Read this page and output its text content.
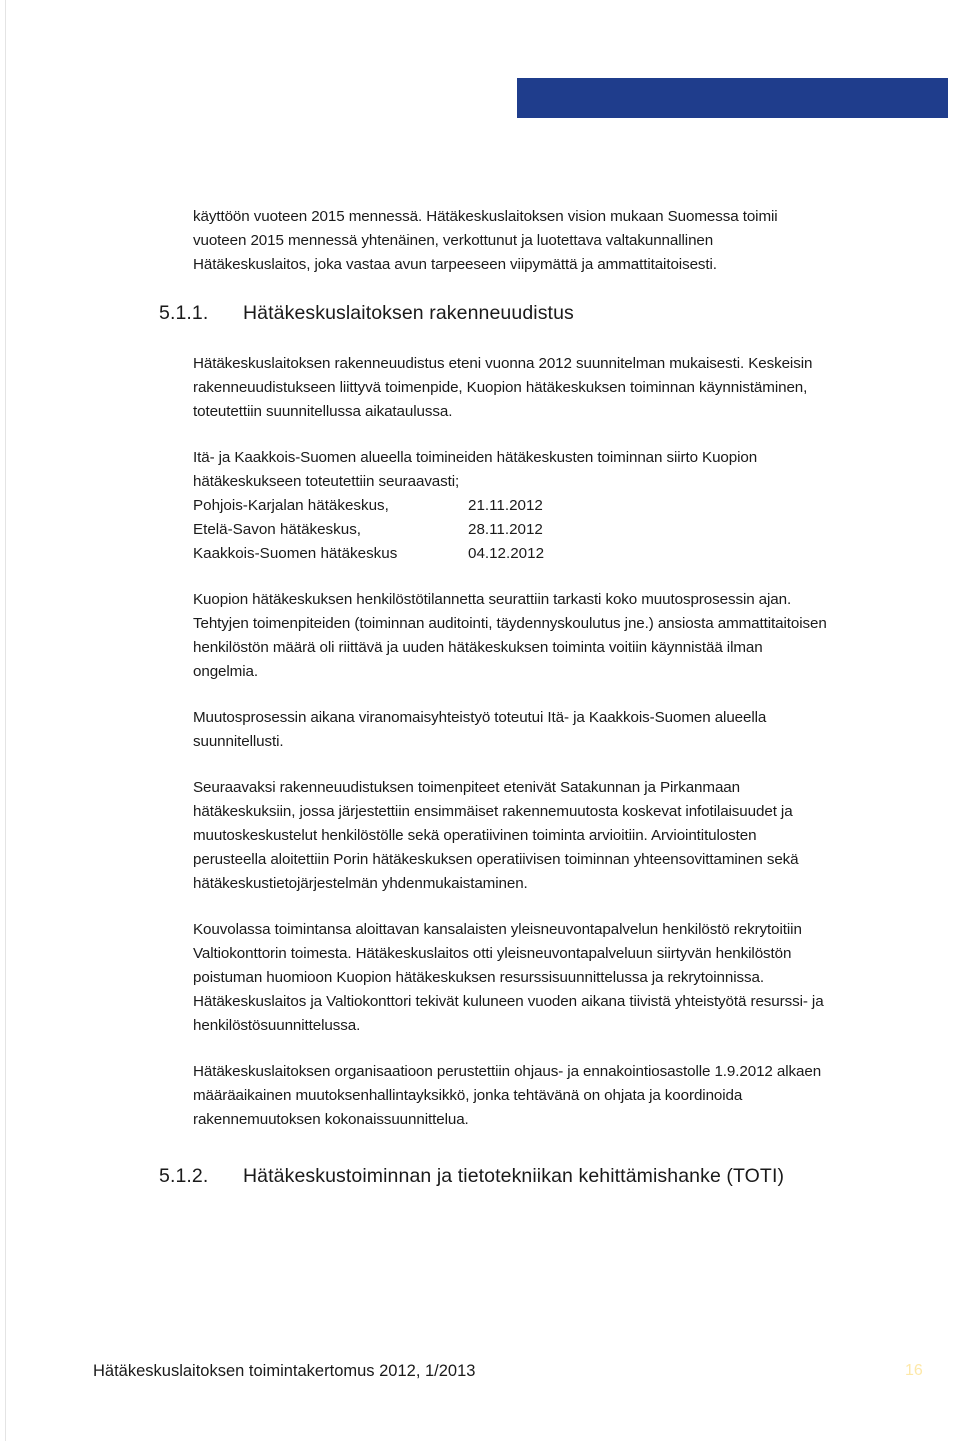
käyttöön vuoteen 2015 mennessä. Hätäkeskuslaitoksen vision mukaan Suomessa toimii
vuoteen 2015 mennessä yhtenäinen, verkottunut ja luotettava valtakunnallinen
Hätäkeskuslaitos, joka vastaa avun tarpeeseen viipymättä ja ammattitaitoisesti.

5.1.1. Hätäkeskuslaitoksen rakenneuudistus

Hätäkeskuslaitoksen rakenneuudistus eteni vuonna 2012 suunnitelman mukaisesti. Keskeisin
rakenneuudistukseen liittyvä toimenpide, Kuopion hätäkeskuksen toiminnan käynnistäminen,
toteutettiin suunnitellussa aikataulussa.

Itä- ja Kaakkois-Suomen alueella toimineiden hätäkeskusten toiminnan siirto Kuopion
hätäkeskukseen toteutettiin seuraavasti;

Pohjois-Karjalan hätäkeskus,	21.11.2012
Etelä-Savon hätäkeskus,	28.11.2012
Kaakkois-Suomen hätäkeskus	04.12.2012

Kuopion hätäkeskuksen henkilöstötilannetta seurattiin tarkasti koko muutosprosessin ajan.
Tehtyjen toimenpiteiden (toiminnan auditointi, täydennyskoulutus jne.) ansiosta ammattitaitoisen
henkilöstön määrä oli riittävä ja uuden hätäkeskuksen toiminta voitiin käynnistää ilman
ongelmia.

Muutosprosessin aikana viranomaisyhteistyö toteutui Itä- ja Kaakkois-Suomen alueella
suunnitellusti.

Seuraavaksi rakenneuudistuksen toimenpiteet etenivät Satakunnan ja Pirkanmaan
hätäkeskuksiin, jossa järjestettiin ensimmäiset rakennemuutosta koskevat infotilaisuudet ja
muutoskeskustelut henkilöstölle sekä operatiivinen toiminta arvioitiin. Arviointitulosten
perusteella aloitettiin Porin hätäkeskuksen operatiivisen toiminnan yhteensovittaminen sekä
hätäkeskustietojärjestelmän yhdenmukaistaminen.

Kouvolassa toimintansa aloittavan kansalaisten yleisneuvontapalvelun henkilöstö rekrytoitiin
Valtiokonttorin toimesta. Hätäkeskuslaitos otti yleisneuvontapalveluun siirtyvän henkilöstön
poistuman huomioon Kuopion hätäkeskuksen resurssisuunnittelussa ja rekrytoinnissa.
Hätäkeskuslaitos ja Valtiokonttori tekivät kuluneen vuoden aikana tiivistä yhteistyötä resurssi- ja
henkilöstösuunnittelussa.

Hätäkeskuslaitoksen organisaatioon perustettiin ohjaus- ja ennakointiosastolle 1.9.2012 alkaen
määräaikainen muutoksenhallintayksikkö, jonka tehtävänä on ohjata ja koordinoida
rakennemuutoksen kokonaissuunnittelua.

5.1.2. Hätäkeskustoiminnan ja tietotekniikan kehittämishanke (TOTI)
Hätäkeskuslaitoksen toimintakertomus 2012, 1/2013	16
